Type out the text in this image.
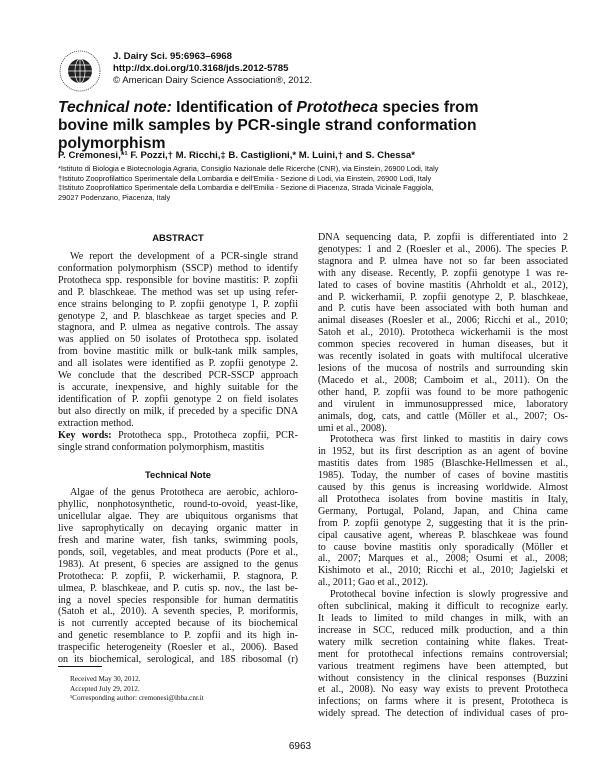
J. Dairy Sci. 95:6963–6968
http://dx.doi.org/10.3168/jds.2012-5785
© American Dairy Science Association®, 2012.
Technical note: Identification of Prototheca species from bovine milk samples by PCR-single strand conformation polymorphism
P. Cremonesi,*¹ F. Pozzi,† M. Ricchi,‡ B. Castiglioni,* M. Luini,† and S. Chessa*
*Istituto di Biologia e Biotecnologia Agraria, Consiglio Nazionale delle Ricerche (CNR), via Einstein, 26900 Lodi, Italy
†Istituto Zooprofilattico Sperimentale della Lombardia e dell'Emilia - Sezione di Lodi, via Einstein, 26900 Lodi, Italy
‡Istituto Zooprofilattico Sperimentale della Lombardia e dell'Emilia - Sezione di Piacenza, Strada Vicinale Faggiola,
29027 Podenzano, Piacenza, Italy
ABSTRACT
We report the development of a PCR-single strand
conformation polymorphism (SSCP) method to identify
Prototheca spp. responsible for bovine mastitis: P. zopfii
and P. blaschkeae. The method was set up using refer-
ence strains belonging to P. zopfii genotype 1, P. zopfii
genotype 2, and P. blaschkeae as target species and P.
stagnora, and P. ulmea as negative controls. The assay
was applied on 50 isolates of Prototheca spp. isolated
from bovine mastitic milk or bulk-tank milk samples,
and all isolates were identified as P. zopfii genotype 2.
We conclude that the described PCR-SSCP approach
is accurate, inexpensive, and highly suitable for the
identification of P. zopfii genotype 2 on field isolates
but also directly on milk, if preceded by a specific DNA
extraction method.
Key words: Prototheca spp., Prototheca zopfii, PCR-
single strand conformation polymorphism, mastitis
Technical Note
Algae of the genus Prototheca are aerobic, achloro-
phyllic, nonphotosynthetic, round-to-ovoid, yeast-like,
unicellular algae. They are ubiquitous organisms that
live saprophytically on decaying organic matter in
fresh and marine water, fish tanks, swimming pools,
ponds, soil, vegetables, and meat products (Pore et al.,
1983). At present, 6 species are assigned to the genus
Prototheca: P. zopfii, P. wickerhamii, P. stagnora, P.
ulmea, P. blaschkeae, and P. cutis sp. nov., the last be-
ing a novel species responsible for human dermatitis
(Satoh et al., 2010). A seventh species, P. moriformis,
is not currently accepted because of its biochemical
and genetic resemblance to P. zopfii and its high in-
traspecific heterogeneity (Roesler et al., 2006). Based
on its biochemical, serological, and 18S ribosomal (r)
DNA sequencing data, P. zopfii is differentiated into 2
genotypes: 1 and 2 (Roesler et al., 2006). The species P.
stagnora and P. ulmea have not so far been associated
with any disease. Recently, P. zopfii genotype 1 was re-
lated to cases of bovine mastitis (Ahrholdt et al., 2012),
and P. wickerhamii, P. zopfii genotype 2, P. blaschkeae,
and P. cutis have been associated with both human and
animal diseases (Roesler et al., 2006; Ricchi et al., 2010;
Satoh et al., 2010). Prototheca wickerhamii is the most
common species recovered in human diseases, but it
was recently isolated in goats with multifocal ulcerative
lesions of the mucosa of nostrils and surrounding skin
(Macedo et al., 2008; Camboim et al., 2011). On the
other hand, P. zopfii was found to be more pathogenic
and virulent in immunosuppressed mice, laboratory
animals, dog, cats, and cattle (Möller et al., 2007; Os-
umi et al., 2008).
Prototheca was first linked to mastitis in dairy cows
in 1952, but its first description as an agent of bovine
mastitis dates from 1985 (Blaschke-Hellmessen et al.,
1985). Today, the number of cases of bovine mastitis
caused by this genus is increasing worldwide. Almost
all Prototheca isolates from bovine mastitis in Italy,
Germany, Portugal, Poland, Japan, and China came
from P. zopfii genotype 2, suggesting that it is the prin-
cipal causative agent, whereas P. blaschkeae was found
to cause bovine mastitis only sporadically (Möller et
al., 2007; Marques et al., 2008; Osumi et al., 2008;
Kishimoto et al., 2010; Ricchi et al., 2010; Jagielski et
al., 2011; Gao et al., 2012).
Protothecal bovine infection is slowly progressive and
often subclinical, making it difficult to recognize early.
It leads to limited to mild changes in milk, with an
increase in SCC, reduced milk production, and a thin
watery milk secretion containing white flakes. Treat-
ment for protothecal infections remains controversial;
various treatment regimens have been attempted, but
without consistency in the clinical responses (Buzzini
et al., 2008). No easy way exists to prevent Prototheca
infections; on farms where it is present, Prototheca is
widely spread. The detection of individual cases of pro-
Received May 30, 2012.
Accepted July 29, 2012.
¹Corresponding author: cremonesi@ibba.cnr.it
6963
